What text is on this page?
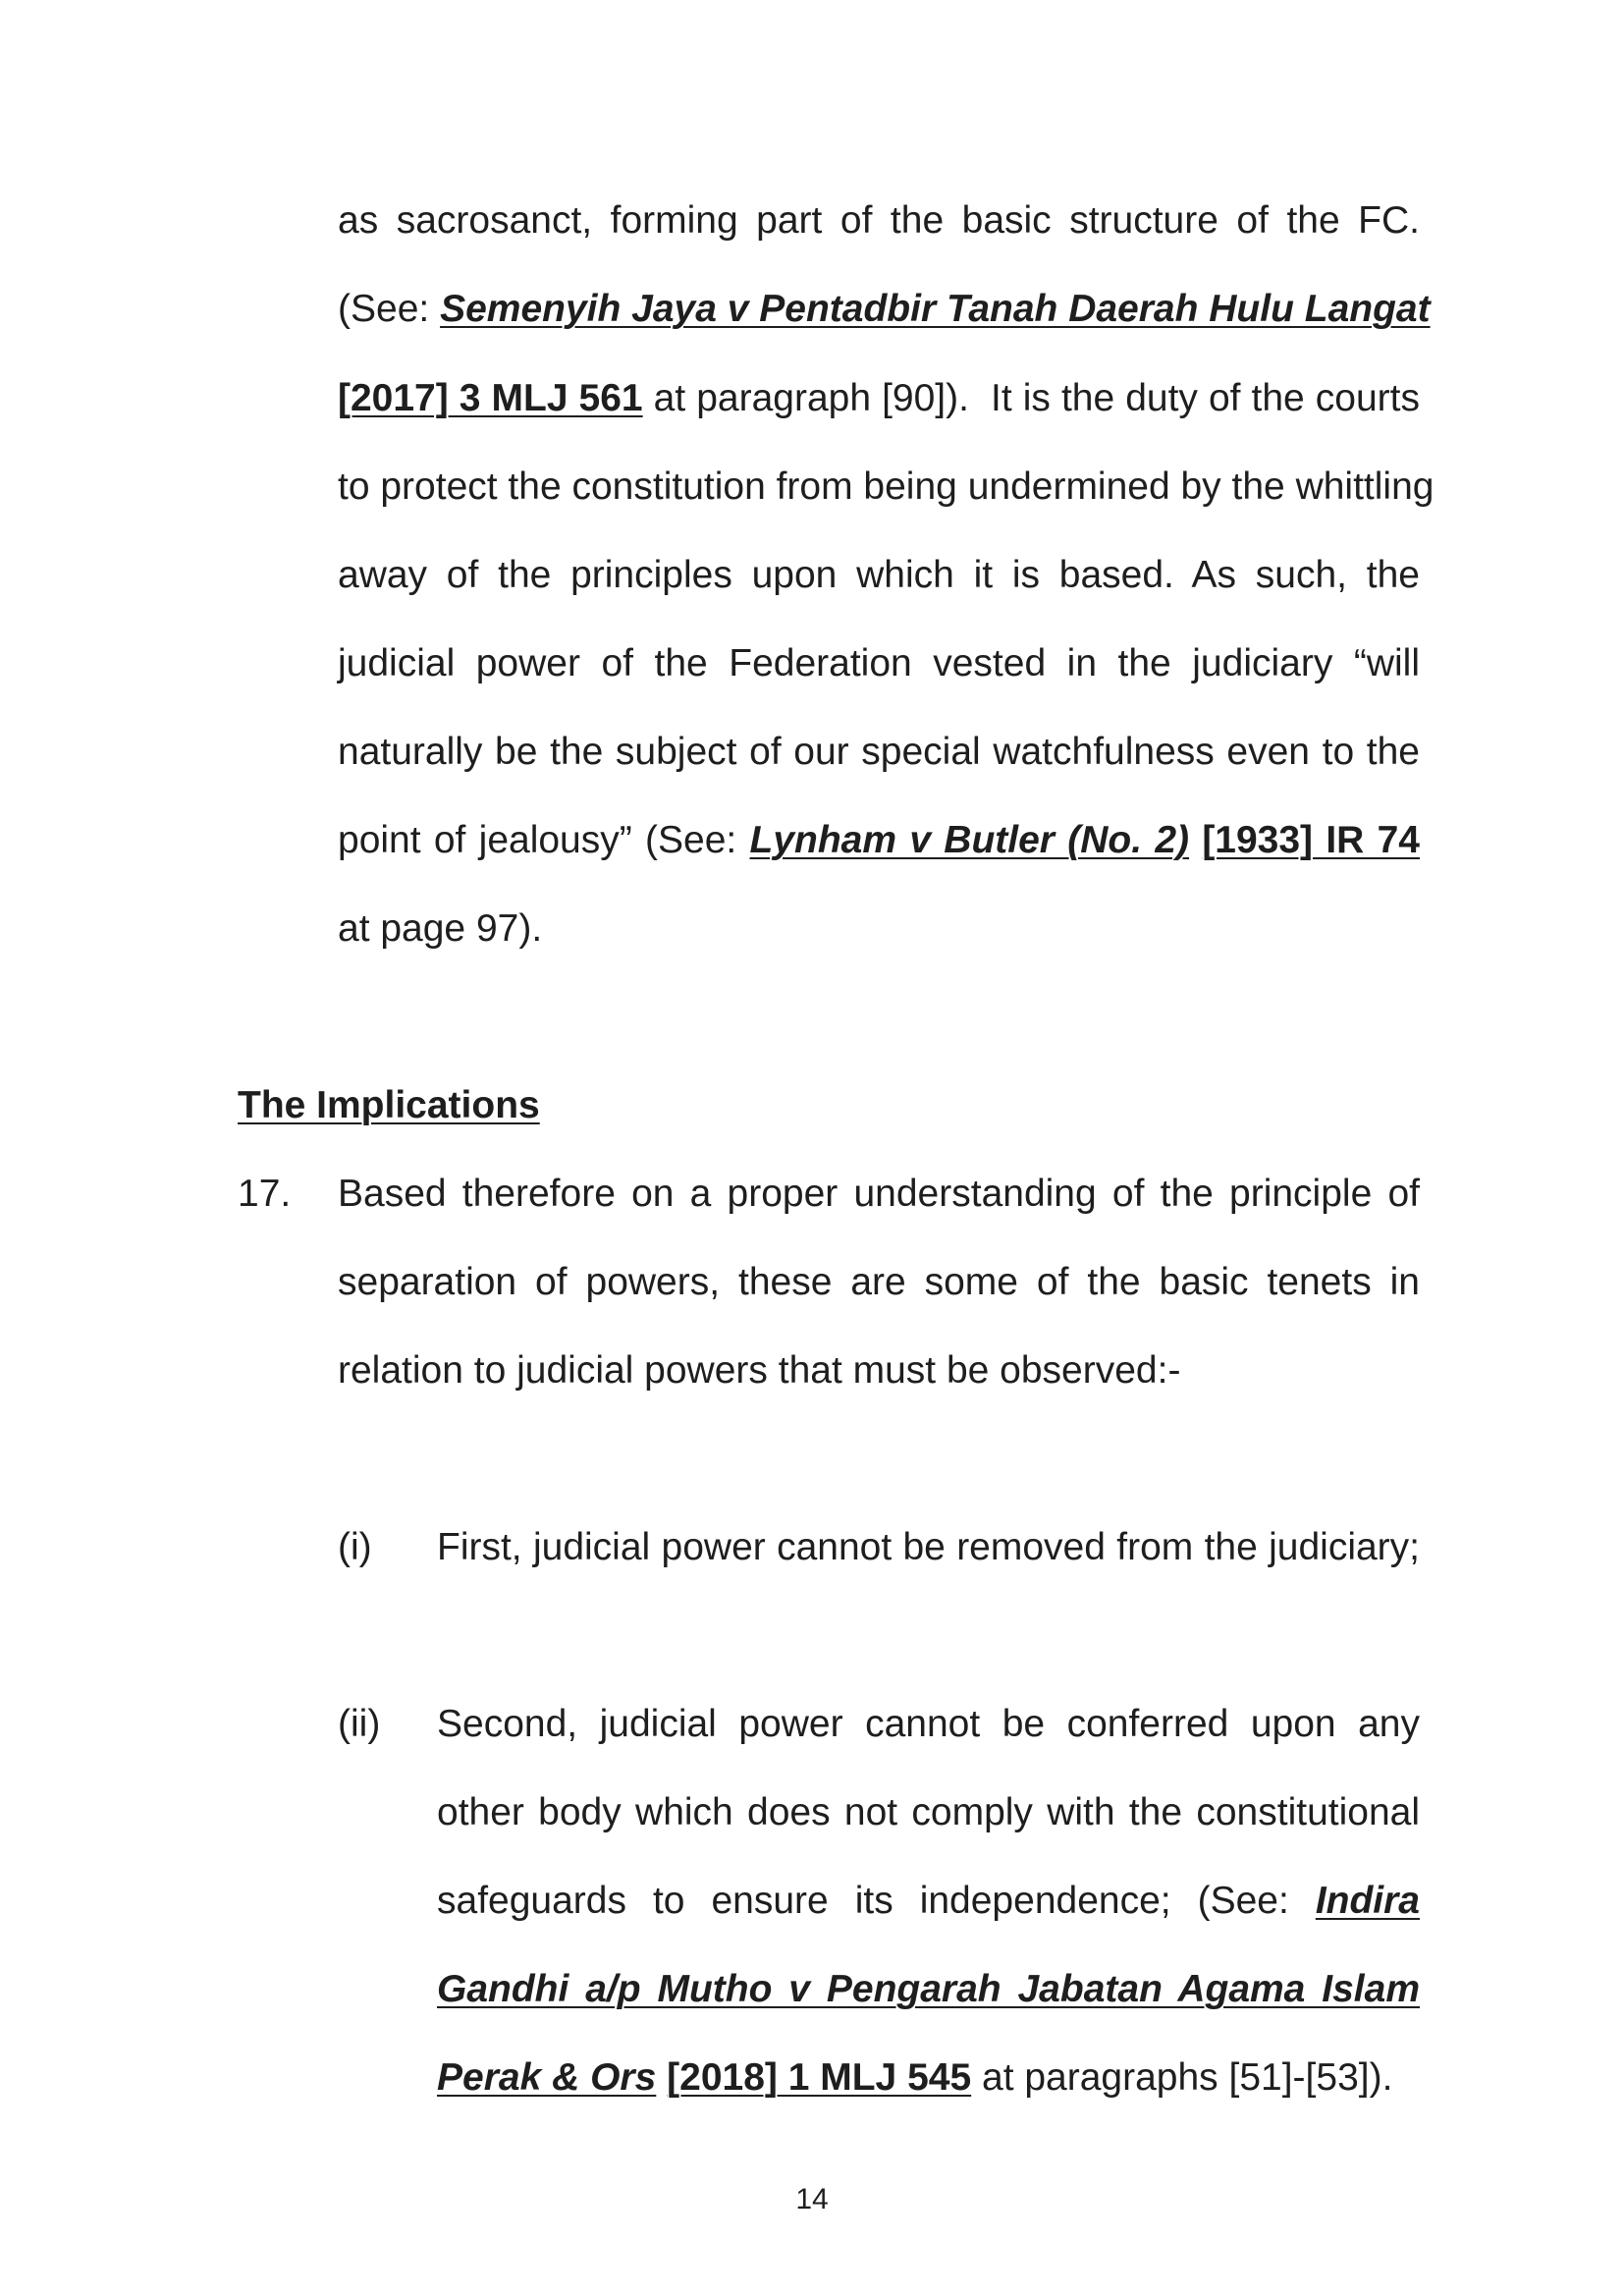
as sacrosanct, forming part of the basic structure of the FC.
(See: Semenyih Jaya v Pentadbir Tanah Daerah Hulu Langat
[2017] 3 MLJ 561 at paragraph [90]).  It is the duty of the courts
to protect the constitution from being undermined by the whittling
away of the principles upon which it is based. As such, the
judicial power of the Federation vested in the judiciary “will
naturally be the subject of our special watchfulness even to the
point of jealousy” (See: Lynham v Butler (No. 2) [1933] IR 74
at page 97).
The Implications
17. Based therefore on a proper understanding of the principle of
separation of powers, these are some of the basic tenets in
relation to judicial powers that must be observed:-
(i) First, judicial power cannot be removed from the judiciary;
(ii) Second, judicial power cannot be conferred upon any
other body which does not comply with the constitutional
safeguards to ensure its independence; (See: Indira
Gandhi a/p Mutho v Pengarah Jabatan Agama Islam
Perak & Ors [2018] 1 MLJ 545 at paragraphs [51]-[53]).
14
